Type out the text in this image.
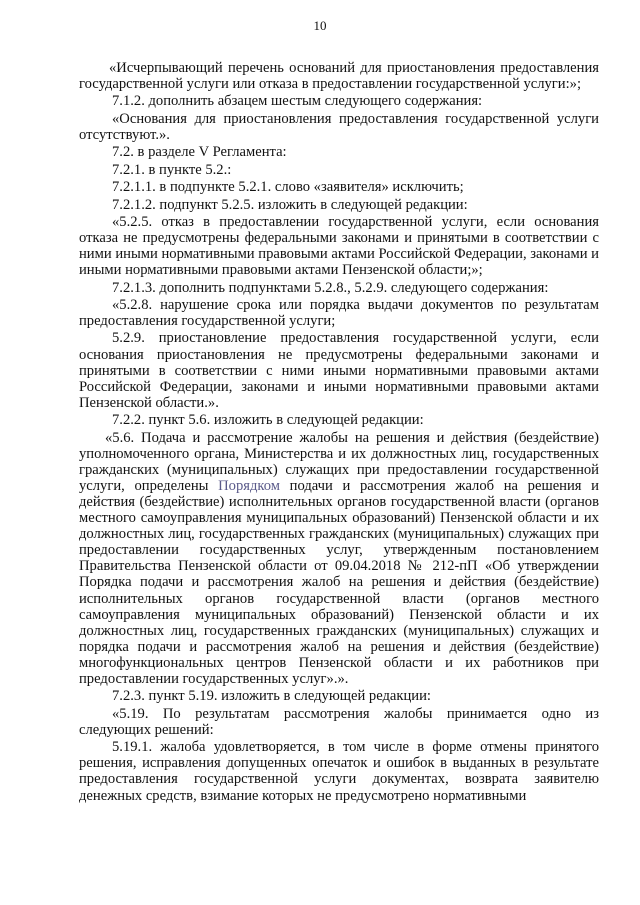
10

«Исчерпывающий перечень оснований для приостановления предоставления государственной услуги или отказа в предоставлении государственной услуги:»;

7.1.2. дополнить абзацем шестым следующего содержания:

«Основания для приостановления предоставления государственной услуги отсутствуют.».

7.2. в разделе V Регламента:

7.2.1. в пункте 5.2.:

7.2.1.1. в подпункте 5.2.1. слово «заявителя» исключить;

7.2.1.2. подпункт 5.2.5. изложить в следующей редакции:

«5.2.5. отказ в предоставлении государственной услуги, если основания отказа не предусмотрены федеральными законами и принятыми в соответствии с ними иными нормативными правовыми актами Российской Федерации, законами и иными нормативными правовыми актами Пензенской области;»;

7.2.1.3. дополнить подпунктами 5.2.8., 5.2.9. следующего содержания:

«5.2.8. нарушение срока или порядка выдачи документов по результатам предоставления государственной услуги;

5.2.9. приостановление предоставления государственной услуги, если основания приостановления не предусмотрены федеральными законами и принятыми в соответствии с ними иными нормативными правовыми актами Российской Федерации, законами и иными нормативными правовыми актами Пензенской области.».

7.2.2. пункт 5.6. изложить в следующей редакции:

«5.6. Подача и рассмотрение жалобы на решения и действия (бездействие) уполномоченного органа, Министерства и их должностных лиц, государственных гражданских (муниципальных) служащих при предоставлении государственной услуги, определены Порядком подачи и рассмотрения жалоб на решения и действия (бездействие) исполнительных органов государственной власти (органов местного самоуправления муниципальных образований) Пензенской области и их должностных лиц, государственных гражданских (муниципальных) служащих при предоставлении государственных услуг, утвержденным постановлением Правительства Пензенской области от 09.04.2018 № 212-пП «Об утверждении Порядка подачи и рассмотрения жалоб на решения и действия (бездействие) исполнительных органов государственной власти (органов местного самоуправления муниципальных образований) Пензенской области и их должностных лиц, государственных гражданских (муниципальных) служащих и порядка подачи и рассмотрения жалоб на решения и действия (бездействие) многофункциональных центров Пензенской области и их работников при предоставлении государственных услуг».».

7.2.3. пункт 5.19. изложить в следующей редакции:

«5.19. По результатам рассмотрения жалобы принимается одно из следующих решений:

5.19.1. жалоба удовлетворяется, в том числе в форме отмены принятого решения, исправления допущенных опечаток и ошибок в выданных в результате предоставления государственной услуги документах, возврата заявителю денежных средств, взимание которых не предусмотрено нормативными
